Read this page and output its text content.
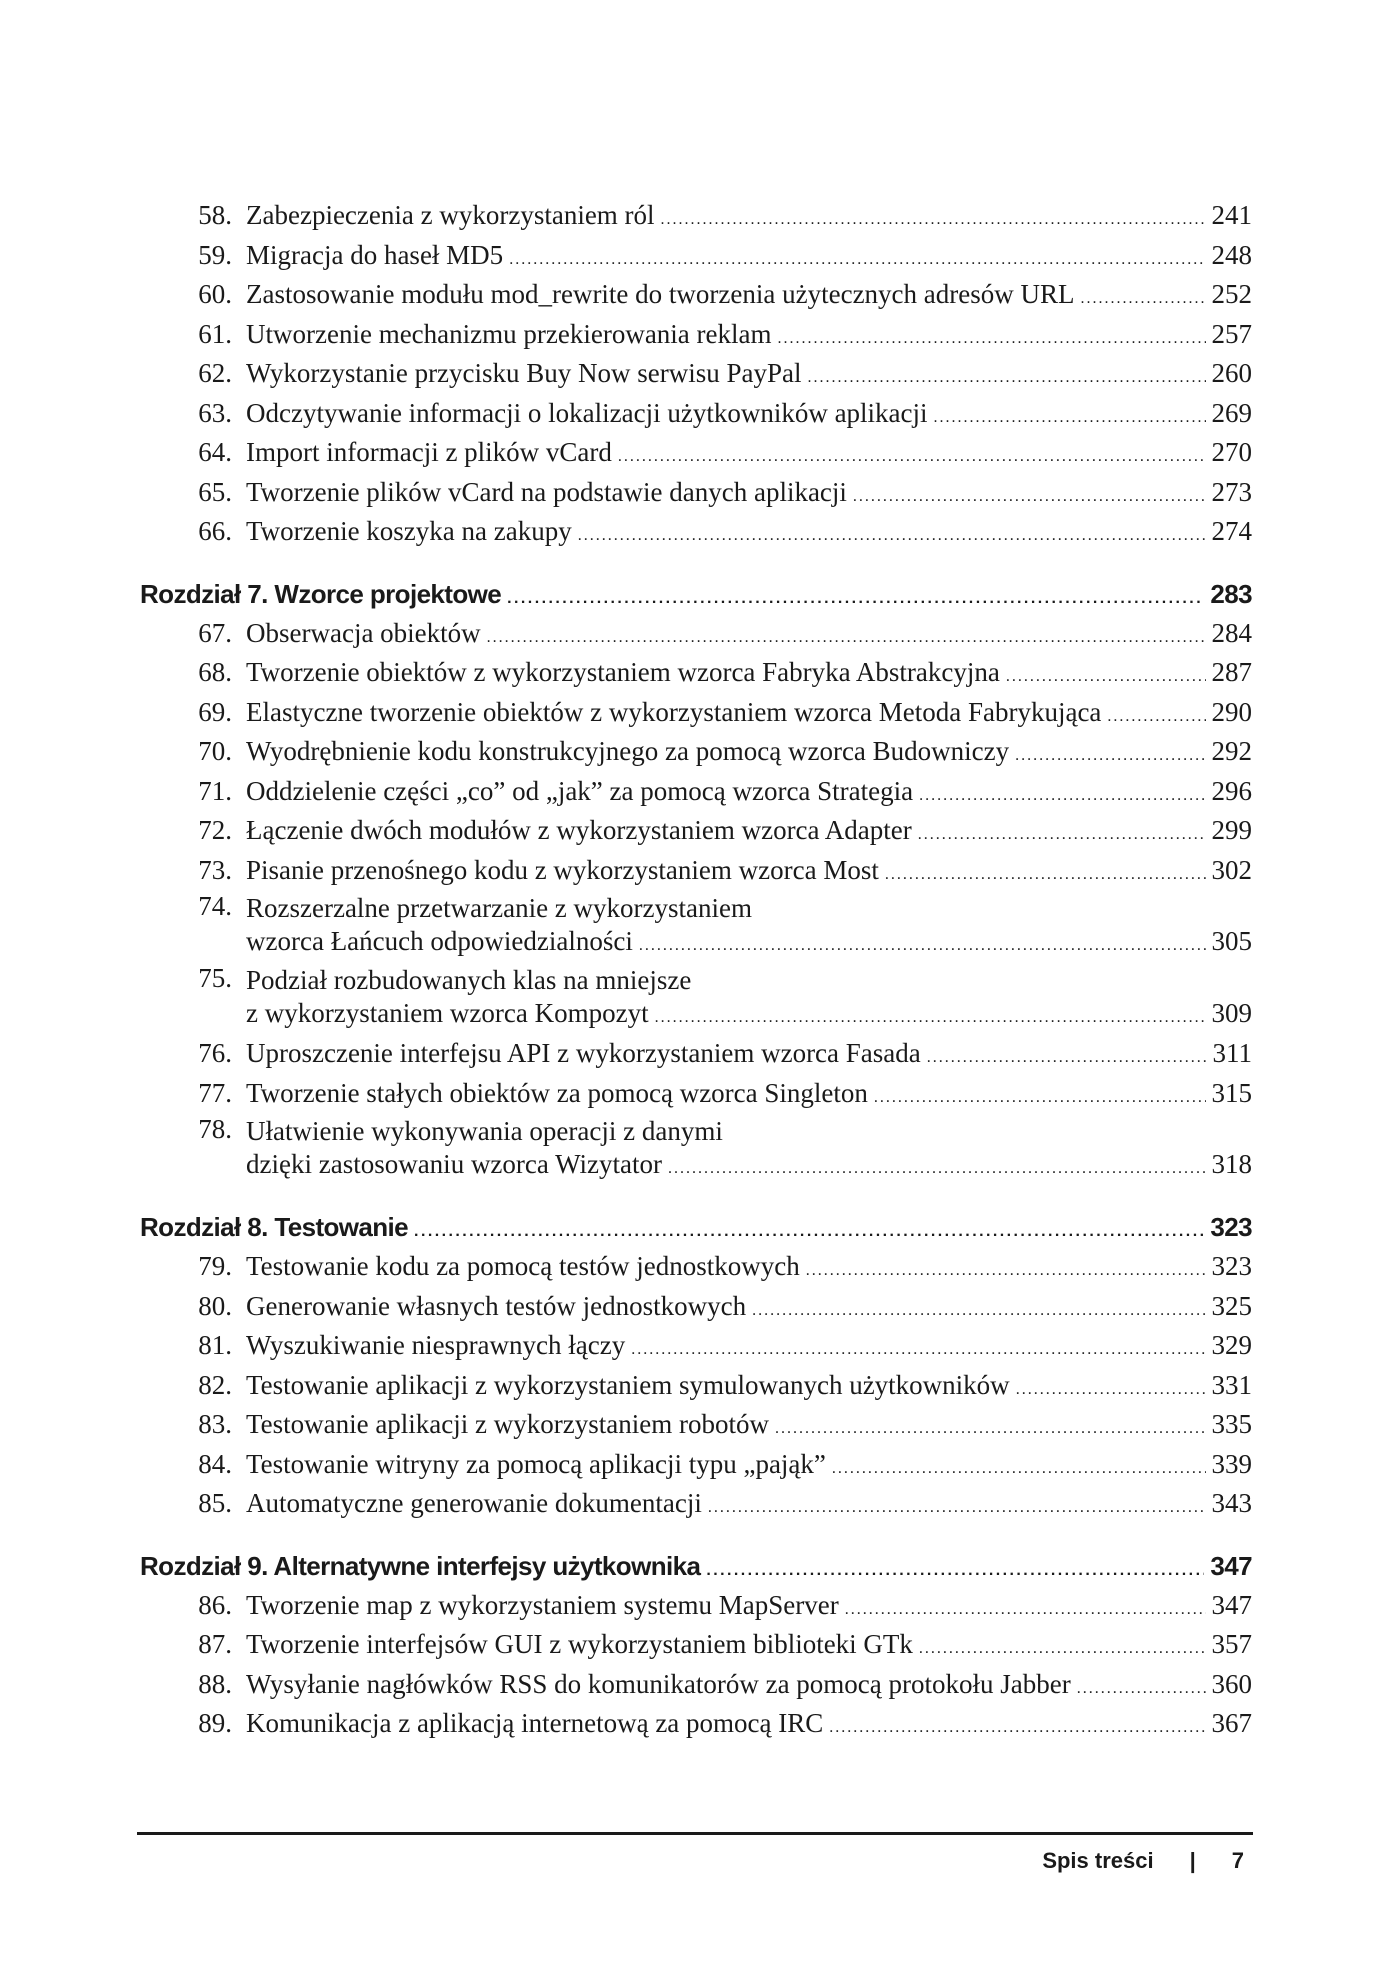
58. Zabezpieczenia z wykorzystaniem ról . . .	241
59. Migracja do haseł MD5 . . .	248
60. Zastosowanie modułu mod_rewrite do tworzenia użytecznych adresów URL . . .	252
61. Utworzenie mechanizmu przekierowania reklam . . .	257
62. Wykorzystanie przycisku Buy Now serwisu PayPal . . .	260
63. Odczytywanie informacji o lokalizacji użytkowników aplikacji . . .	269
64. Import informacji z plików vCard . . .	270
65. Tworzenie plików vCard na podstawie danych aplikacji . . .	273
66. Tworzenie koszyka na zakupy . . .	274
Rozdział 7. Wzorce projektowe . . .	283
67. Obserwacja obiektów . . .	284
68. Tworzenie obiektów z wykorzystaniem wzorca Fabryka Abstrakcyjna . . .	287
69. Elastyczne tworzenie obiektów z wykorzystaniem wzorca Metoda Fabrykująca . . .	290
70. Wyodrębnienie kodu konstrukcyjnego za pomocą wzorca Budowniczy . . .	292
71. Oddzielenie części „co” od „jak” za pomocą wzorca Strategia . . .	296
72. Łączenie dwóch modułów z wykorzystaniem wzorca Adapter . . .	299
73. Pisanie przenośnego kodu z wykorzystaniem wzorca Most . . .	302
74. Rozszerzalne przetwarzanie z wykorzystaniem
wzorca Łańcuch odpowiedzialności . . .	305
75. Podział rozbudowanych klas na mniejsze
z wykorzystaniem wzorca Kompozyt . . .	309
76. Uproszczenie interfejsu API z wykorzystaniem wzorca Fasada . . .	311
77. Tworzenie stałych obiektów za pomocą wzorca Singleton . . .	315
78. Ułatwienie wykonywania operacji z danymi
dzięki zastosowaniu wzorca Wizytator . . .	318
Rozdział 8. Testowanie . . .	323
79. Testowanie kodu za pomocą testów jednostkowych . . .	323
80. Generowanie własnych testów jednostkowych . . .	325
81. Wyszukiwanie niesprawnych łączy . . .	329
82. Testowanie aplikacji z wykorzystaniem symulowanych użytkowników . . .	331
83. Testowanie aplikacji z wykorzystaniem robotów . . .	335
84. Testowanie witryny za pomocą aplikacji typu „pająk” . . .	339
85. Automatyczne generowanie dokumentacji . . .	343
Rozdział 9. Alternatywne interfejsy użytkownika . . .	347
86. Tworzenie map z wykorzystaniem systemu MapServer . . .	347
87. Tworzenie interfejsów GUI z wykorzystaniem biblioteki GTk . . .	357
88. Wysyłanie nagłówków RSS do komunikatorów za pomocą protokołu Jabber . . .	360
89. Komunikacja z aplikacją internetową za pomocą IRC . . .	367
Spis treści | 7
